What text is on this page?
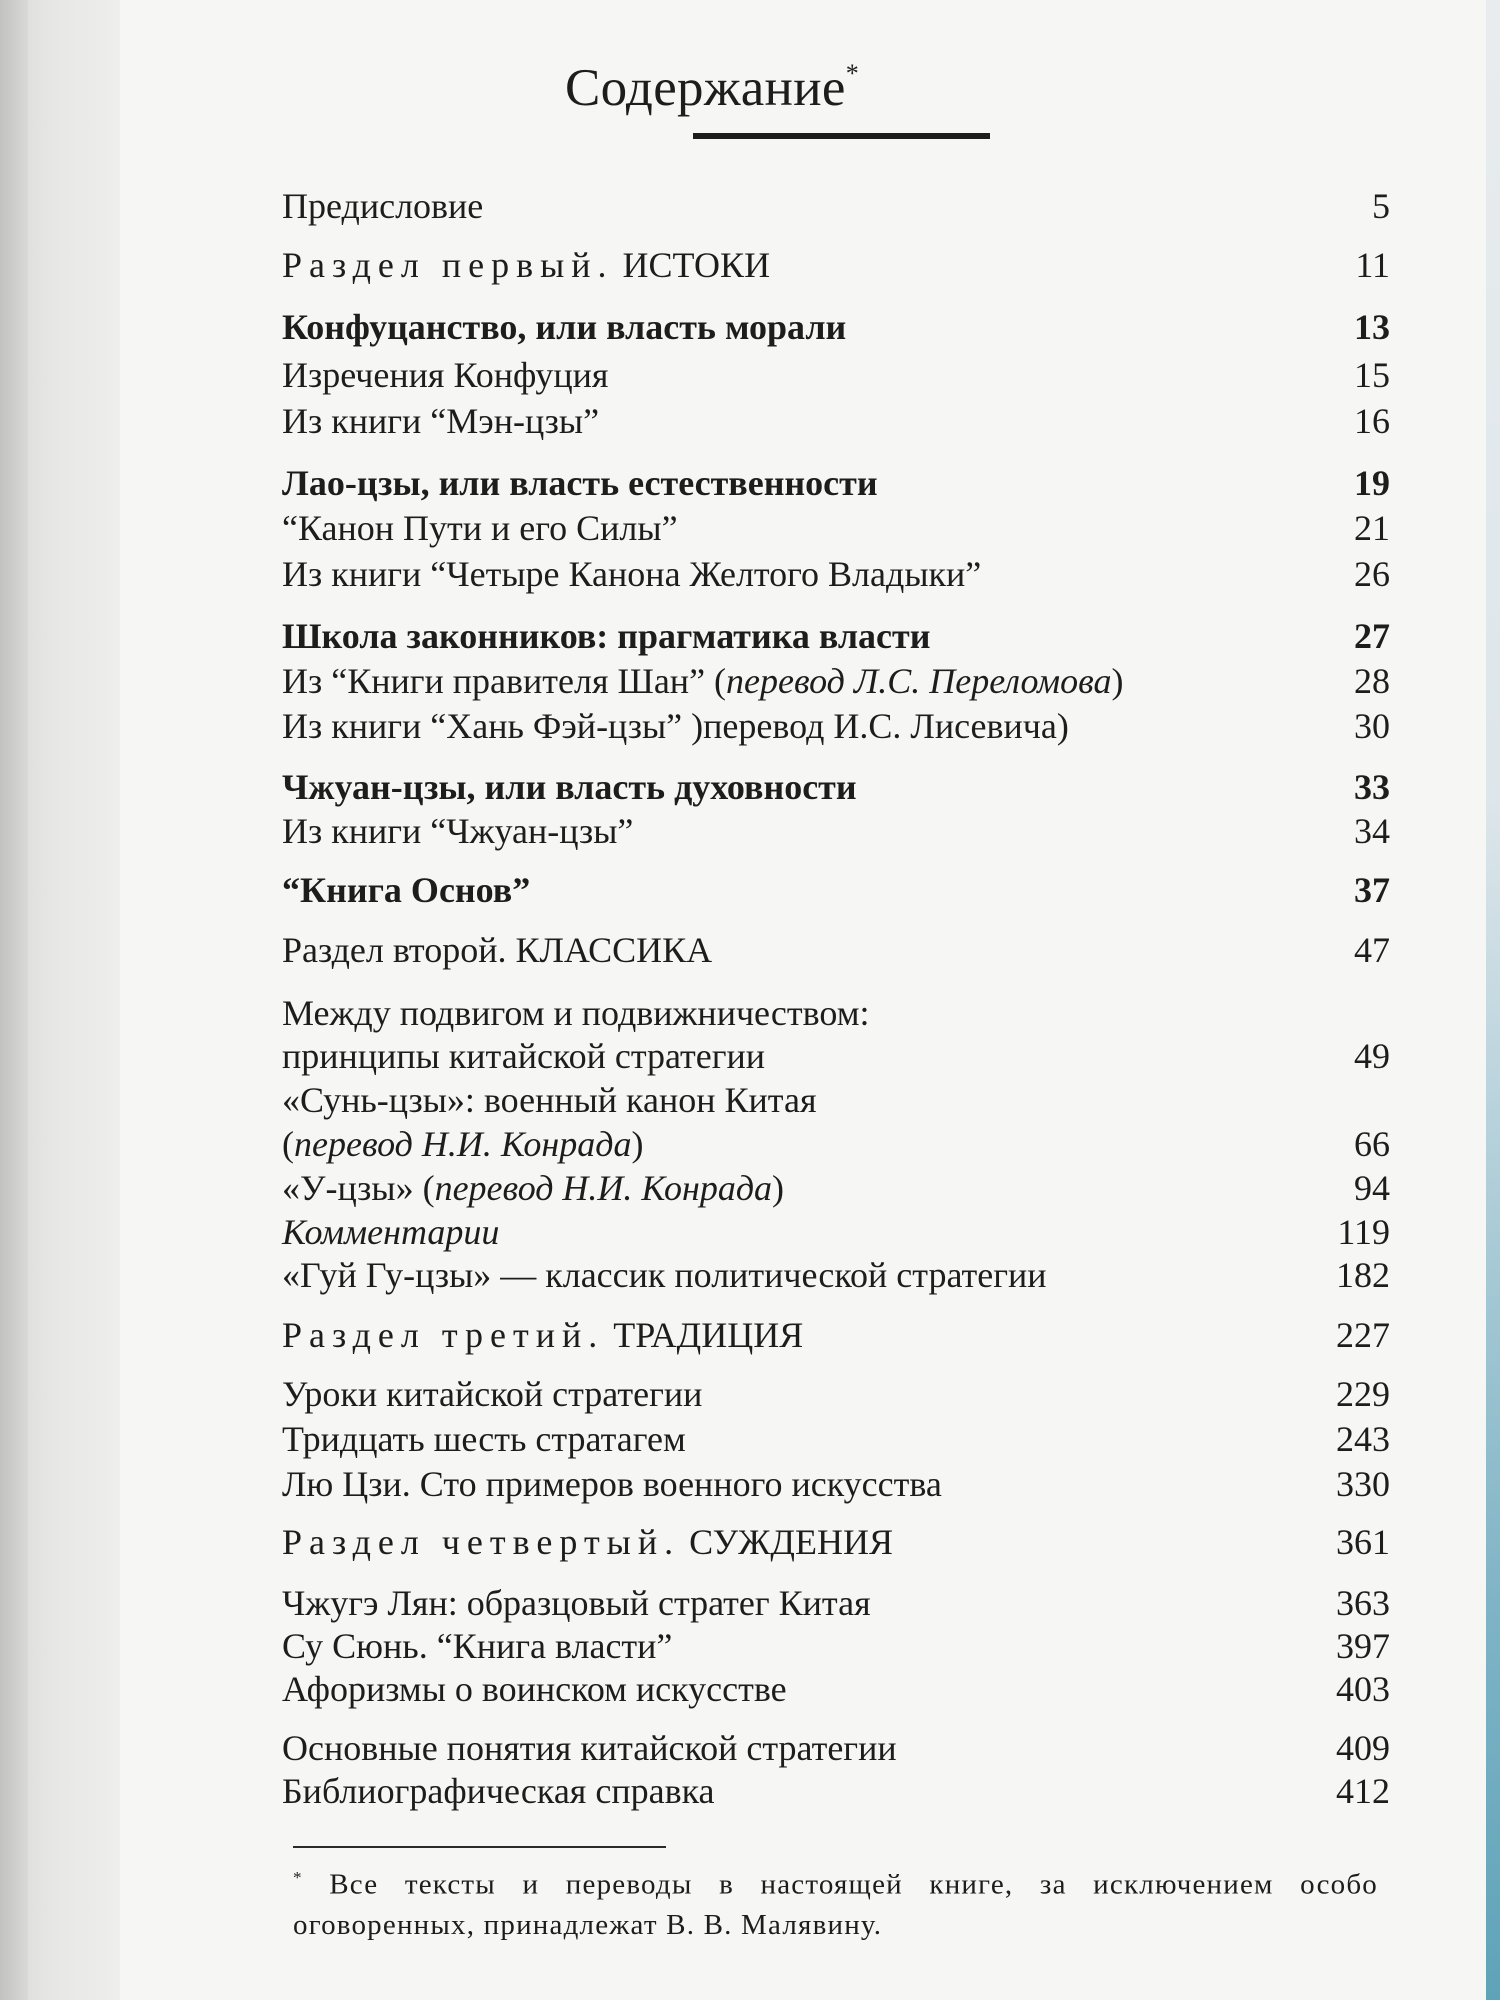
Содержание*
Предисловие	5
Раздел первый. ИСТОКИ	11
Конфуцанство, или власть морали	13
Изречения Конфуция	15
Из книги “Мэн-цзы”	16
Лао-цзы, или власть естественности	19
“Канон Пути и его Силы”	21
Из книги “Четыре Канона Желтого Владыки”	26
Школа законников: прагматика власти	27
Из “Книги правителя Шан” (перевод Л.С. Переломова)	28
Из книги “Хань Фэй-цзы” )перевод И.С. Лисевича)	30
Чжуан-цзы, или власть духовности	33
Из книги “Чжуан-цзы”	34
“Книга Основ”	37
Раздел второй. КЛАССИКА	47
Между подвигом и подвижничеством:
принципы китайской стратегии	49
«Сунь-цзы»: военный канон Китая
(перевод Н.И. Конрада)	66
«У-цзы» (перевод Н.И. Конрада)	94
Комментарии	119
«Гуй Гу-цзы» — классик политической стратегии	182
Раздел третий. ТРАДИЦИЯ	227
Уроки китайской стратегии	229
Тридцать шесть стратагем	243
Лю Цзи. Сто примеров военного искусства	330
Раздел четвертый. СУЖДЕНИЯ	361
Чжугэ Лян: образцовый стратег Китая	363
Су Сюнь. “Книга власти”	397
Афоризмы о воинском искусстве	403
Основные понятия китайской стратегии	409
Библиографическая справка	412
* Все тексты и переводы в настоящей книге, за исключением особо оговоренных, принадлежат В. В. Малявину.
